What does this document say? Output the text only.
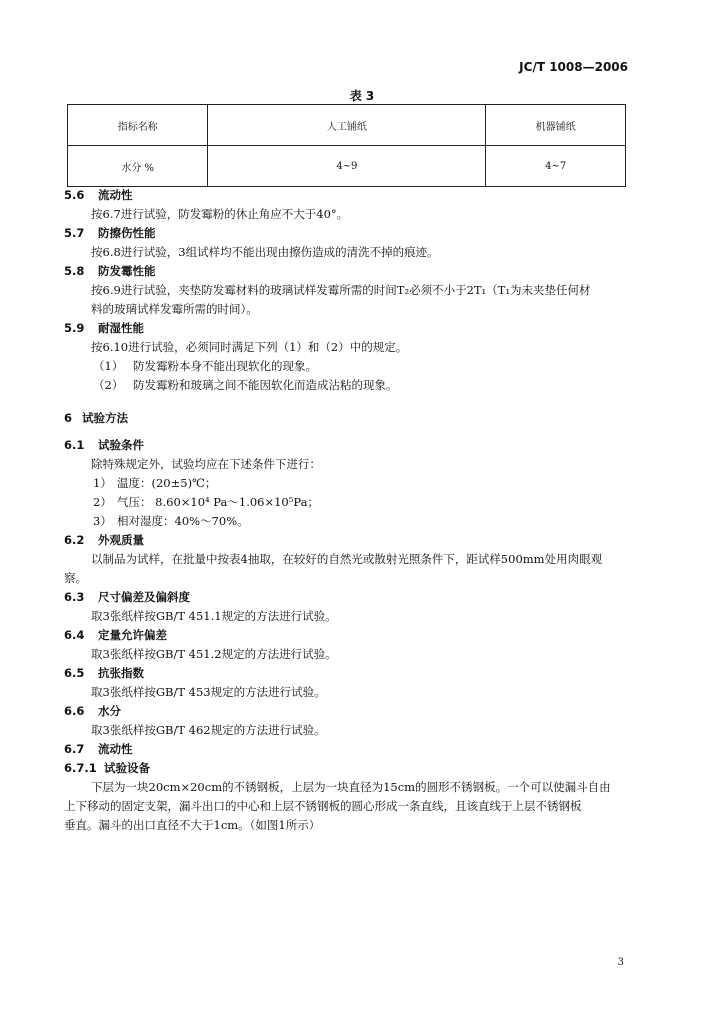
JC/T 1008—2006
表 3
指标名称	人工铺纸	机器铺纸
水分 %	4~9	4~7
5.6 流动性
按6.7进行试验，防发霉粉的休止角应不大于40°。
5.7 防擦伤性能
按6.8进行试验，3组试样均不能出现由擦伤造成的清洗不掉的痕迹。
5.8 防发霉性能
按6.9进行试验，夹垫防发霉材料的玻璃试样发霉所需的时间T₂必须不小于2T₁（T₁为未夹垫任何材
料的玻璃试样发霉所需的时间）。
5.9 耐湿性能
按6.10进行试验，必须同时满足下列（1）和（2）中的规定。
（1） 防发霉粉本身不能出现软化的现象。
（2） 防发霉粉和玻璃之间不能因软化而造成沾粘的现象。
6 试验方法
6.1 试验条件
除特殊规定外，试验均应在下述条件下进行：
1） 温度：(20±5)℃；
2） 气压： 8.60×10⁴ Pa～1.06×10⁵Pa；
3） 相对湿度：40%～70%。
6.2 外观质量
以制品为试样，在批量中按表4抽取，在较好的自然光或散射光照条件下，距试样500mm处用肉眼观
察。
6.3 尺寸偏差及偏斜度
取3张纸样按GB/T 451.1规定的方法进行试验。
6.4 定量允许偏差
取3张纸样按GB/T 451.2规定的方法进行试验。
6.5 抗张指数
取3张纸样按GB/T 453规定的方法进行试验。
6.6 水分
取3张纸样按GB/T 462规定的方法进行试验。
6.7 流动性
6.7.1 试验设备
下层为一块20cm×20cm的不锈钢板，上层为一块直径为15cm的圆形不锈钢板。一个可以使漏斗自由
上下移动的固定支架，漏斗出口的中心和上层不锈钢板的圆心形成一条直线，且该直线于上层不锈钢板
垂直。漏斗的出口直径不大于1cm。（如图1所示）
3
